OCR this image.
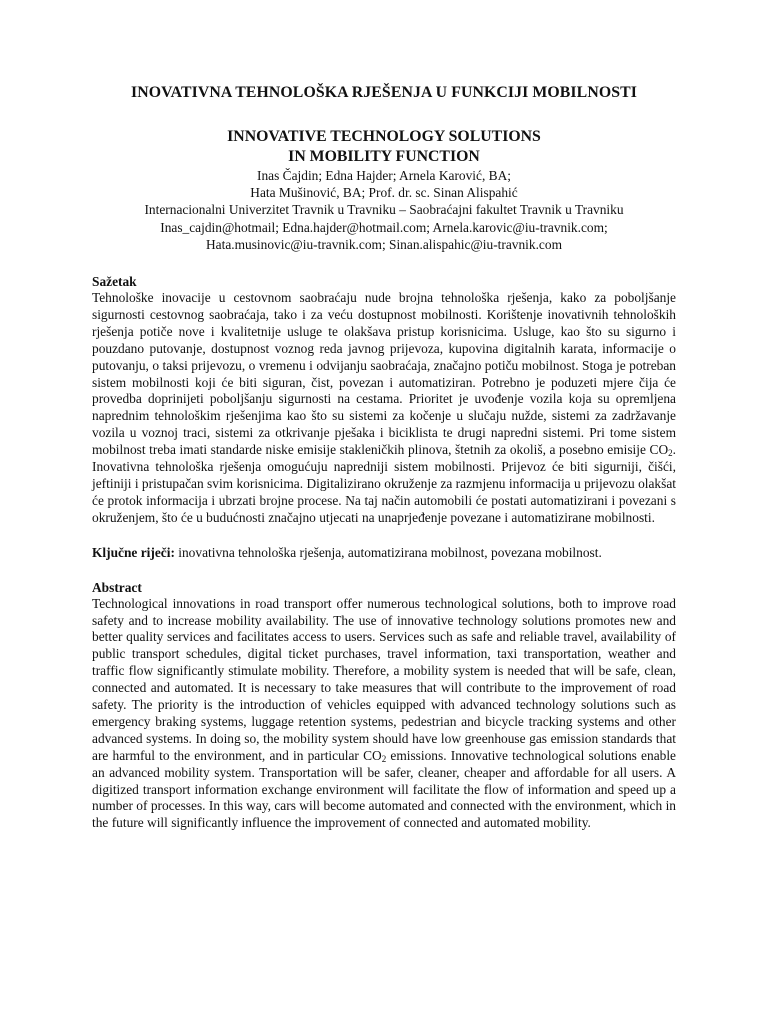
INOVATIVNA TEHNOLOŠKA RJEŠENJA U FUNKCIJI MOBILNOSTI
INNOVATIVE TECHNOLOGY SOLUTIONS
IN MOBILITY FUNCTION
Inas Čajdin; Edna Hajder; Arnela Karović, BA;
Hata Mušinović, BA; Prof. dr. sc. Sinan Alispahić
Internacionalni Univerzitet Travnik u Travniku – Saobraćajni fakultet Travnik u Travniku
Inas_cajdin@hotmail; Edna.hajder@hotmail.com; Arnela.karovic@iu-travnik.com;
Hata.musinovic@iu-travnik.com; Sinan.alispahic@iu-travnik.com
Sažetak

Tehnološke inovacije u cestovnom saobraćaju nude brojna tehnološka rješenja, kako za poboljšanje sigurnosti cestovnog saobraćaja, tako i za veću dostupnost mobilnosti. Korištenje inovativnih tehnoloških rješenja potiče nove i kvalitetnije usluge te olakšava pristup korisnicima. Usluge, kao što su sigurno i pouzdano putovanje, dostupnost voznog reda javnog prijevoza, kupovina digitalnih karata, informacije o putovanju, o taksi prijevozu, o vremenu i odvijanju saobraćaja, značajno potiču mobilnost. Stoga je potreban sistem mobilnosti koji će biti siguran, čist, povezan i automatiziran. Potrebno je poduzeti mjere čija će provedba doprinijeti poboljšanju sigurnosti na cestama. Prioritet je uvođenje vozila koja su opremljena naprednim tehnološkim rješenjima kao što su sistemi za kočenje u slučaju nužde, sistemi za zadržavanje vozila u voznoj traci, sistemi za otkrivanje pješaka i biciklista te drugi napredni sistemi. Pri tome sistem mobilnost treba imati standarde niske emisije stakleničkih plinova, štetnih za okoliš, a posebno emisije $CO_2$. Inovativna tehnološka rješenja omogućuju napredniji sistem mobilnosti. Prijevoz će biti sigurniji, čišći, jeftiniji i pristupačan svim korisnicima. Digitalizirano okruženje za razmjenu informacija u prijevozu olakšat će protok informacija i ubrzati brojne procese. Na taj način automobili će postati automatizirani i povezani s okruženjem, što će u budućnosti značajno utjecati na unaprjeđenje povezane i automatizirane mobilnosti.

Ključne riječi: inovativna tehnološka rješenja, automatizirana mobilnost, povezana mobilnost.
Abstract

Technological innovations in road transport offer numerous technological solutions, both to improve road safety and to increase mobility availability. The use of innovative technology solutions promotes new and better quality services and facilitates access to users. Services such as safe and reliable travel, availability of public transport schedules, digital ticket purchases, travel information, taxi transportation, weather and traffic flow significantly stimulate mobility. Therefore, a mobility system is needed that will be safe, clean, connected and automated. It is necessary to take measures that will contribute to the improvement of road safety. The priority is the introduction of vehicles equipped with advanced technology solutions such as emergency braking systems, luggage retention systems, pedestrian and bicycle tracking systems and other advanced systems. In doing so, the mobility system should have low greenhouse gas emission standards that are harmful to the environment, and in particular $CO_2$ emissions. Innovative technological solutions enable an advanced mobility system. Transportation will be safer, cleaner, cheaper and affordable for all users. A digitized transport information exchange environment will facilitate the flow of information and speed up a number of processes. In this way, cars will become automated and connected with the environment, which in the future will significantly influence the improvement of connected and automated mobility.
